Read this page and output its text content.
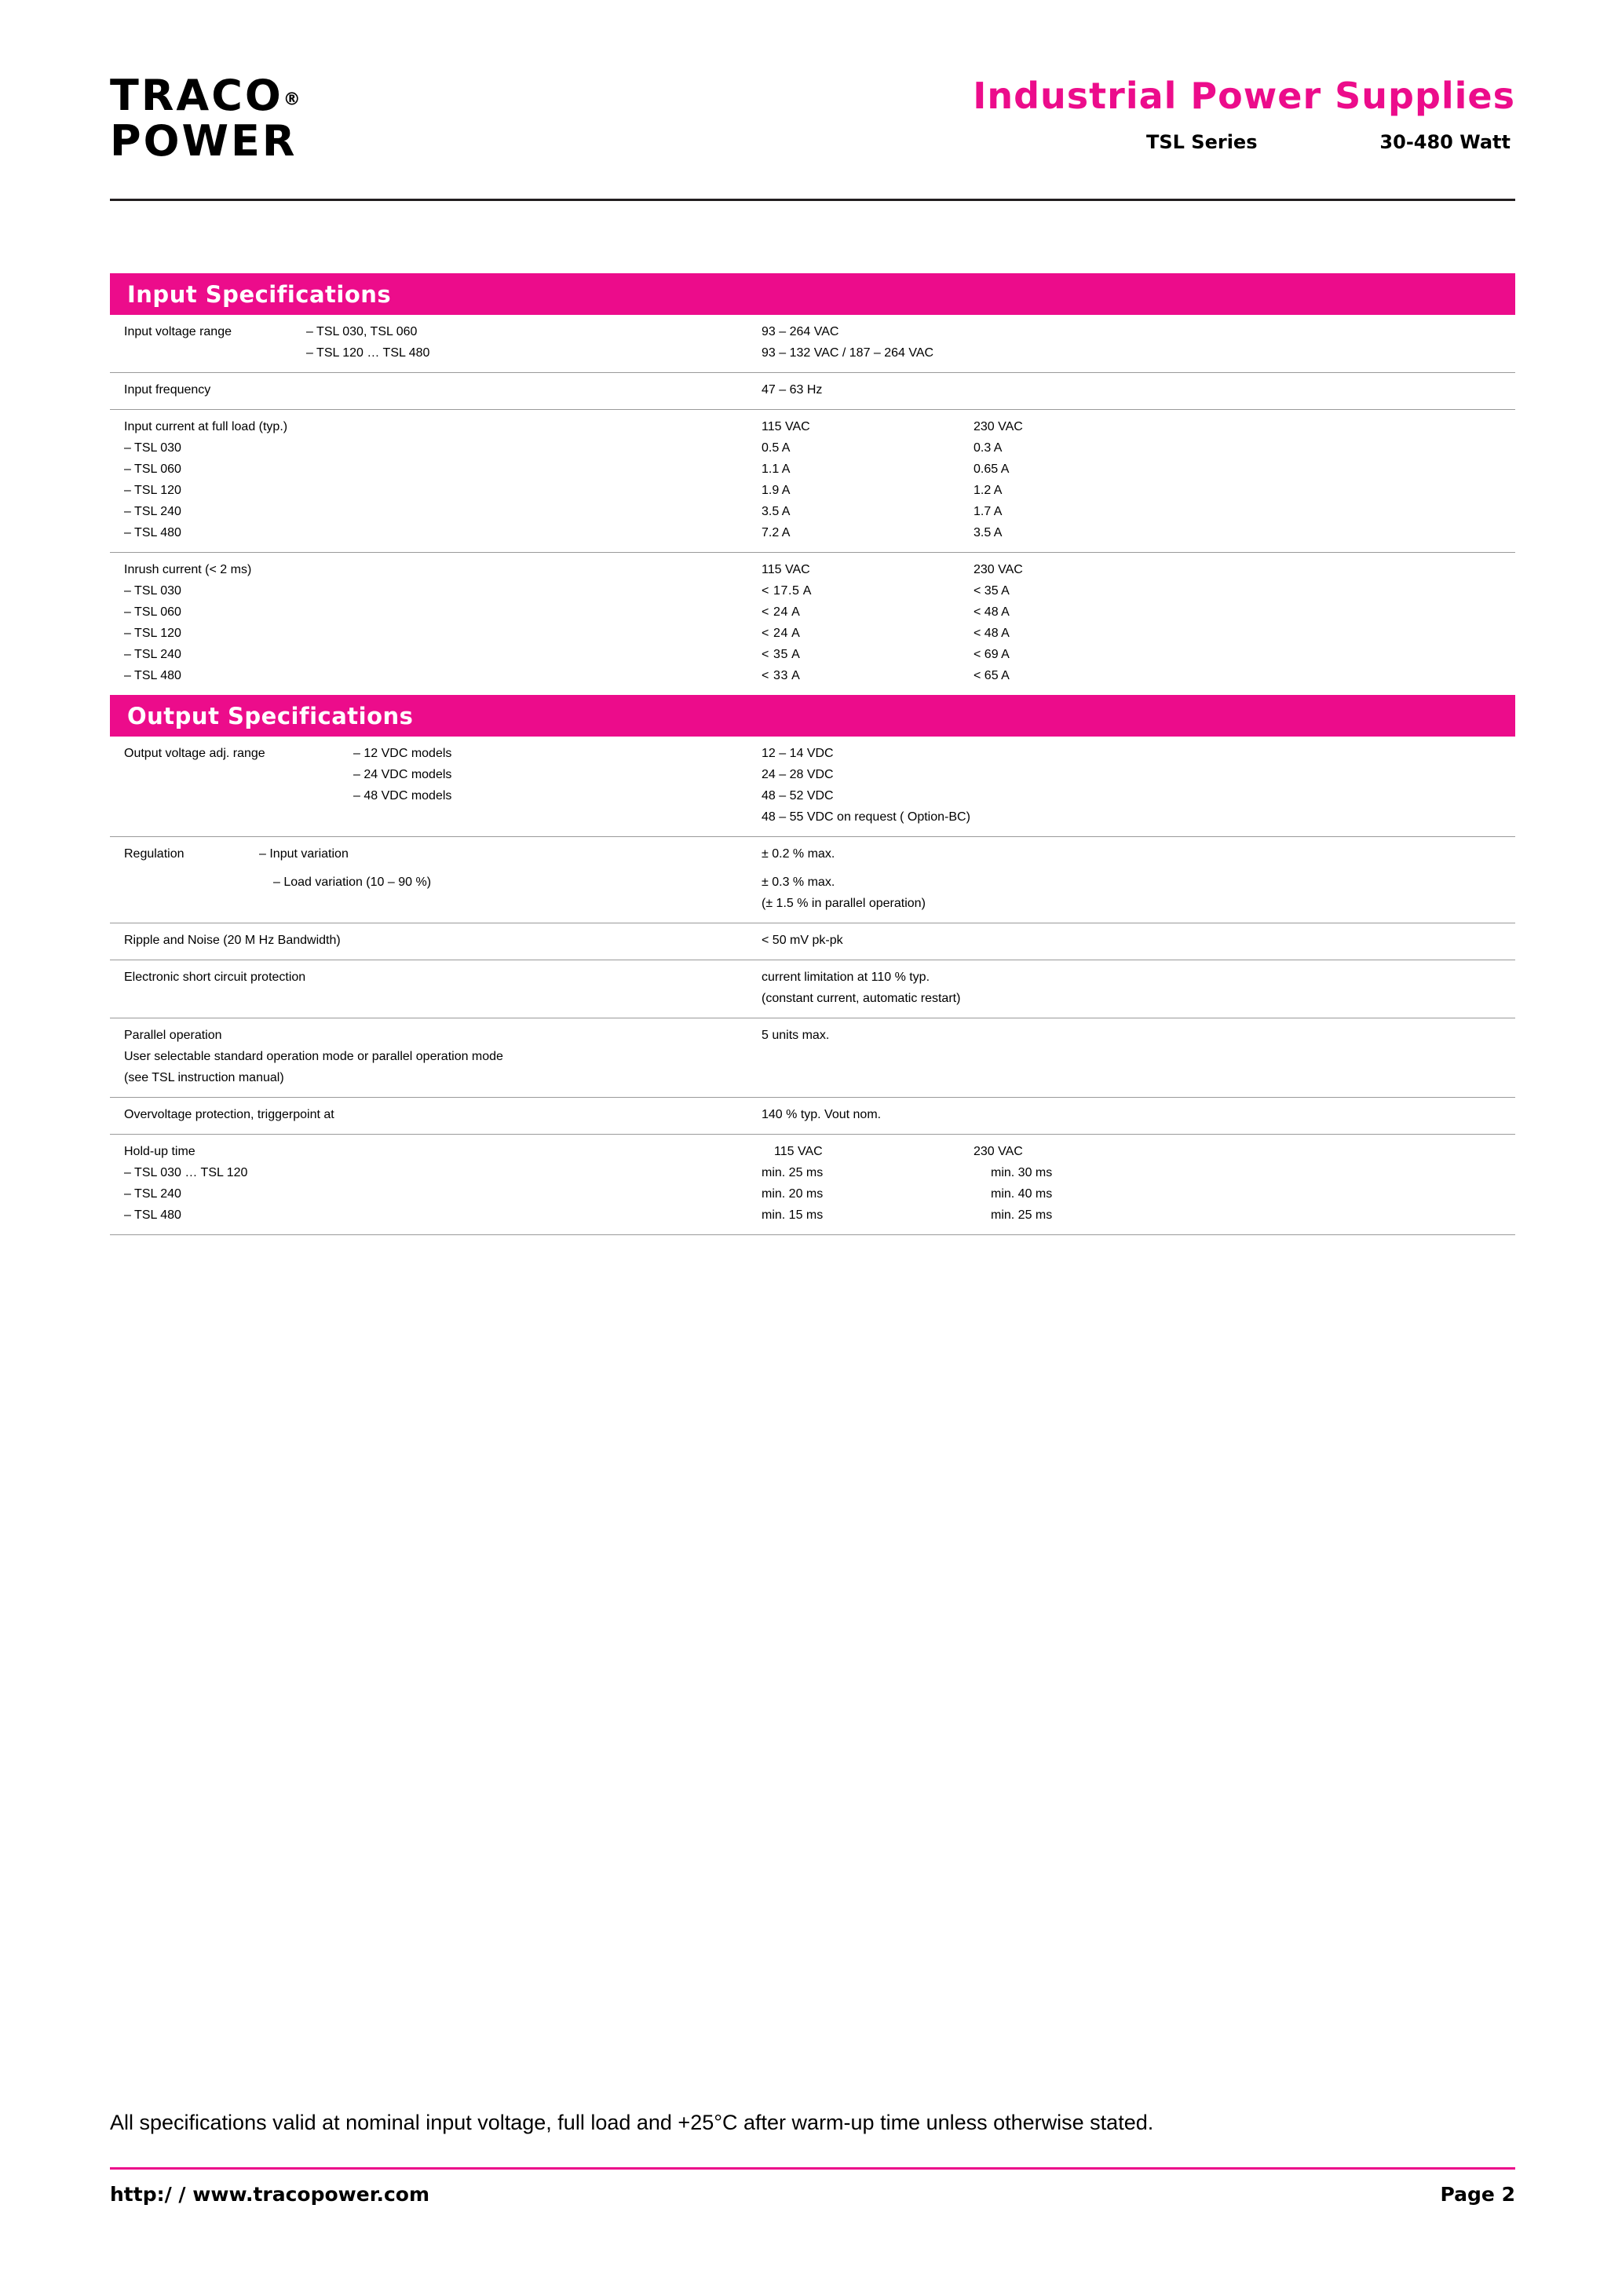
TRACO®
POWER
Industrial Power Supplies
TSL Series	30-480 Watt
Input Specifications
Input voltage range	– TSL 030, TSL 060	93 – 264 VAC
– TSL 120 … TSL 480	93 – 132 VAC / 187 – 264 VAC
Input frequency	47 – 63 Hz
Input current at full load (typ.)	115 VAC	230 VAC
– TSL 030	0.5 A	0.3 A
– TSL 060	1.1 A	0.65 A
– TSL 120	1.9 A	1.2 A
– TSL 240	3.5 A	1.7 A
– TSL 480	7.2 A	3.5 A
Inrush current (< 2 ms)	115 VAC	230 VAC
– TSL 030	< 17.5 A	< 35 A
– TSL 060	< 24 A	< 48 A
– TSL 120	< 24 A	< 48 A
– TSL 240	< 35 A	< 69 A
– TSL 480	< 33 A	< 65 A
Output Specifications
Output voltage adj. range	– 12 VDC models	12 – 14 VDC
– 24 VDC models	24 – 28 VDC
– 48 VDC models	48 – 52 VDC
48 – 55 VDC on request ( Option-BC)
Regulation	– Input variation	± 0.2 % max.
– Load variation (10 – 90 %)	± 0.3 % max.
(± 1.5 % in parallel operation)
Ripple and Noise (20 M Hz Bandwidth)	< 50 mV pk-pk
Electronic short circuit protection	current limitation at 110 % typ.
(constant current, automatic restart)
Parallel operation	5 units max.
User selectable standard operation mode or parallel operation mode
(see TSL instruction manual)
Overvoltage protection, triggerpoint at	140 % typ. Vout nom.
Hold-up time	115 VAC	230 VAC
– TSL 030 … TSL 120	min. 25 ms	min. 30 ms
– TSL 240	min. 20 ms	min. 40 ms
– TSL 480	min. 15 ms	min. 25 ms
All specifications valid at nominal input voltage, full load and +25°C after warm-up time unless otherwise stated.
http:/ / www.tracopower.com	Page 2
